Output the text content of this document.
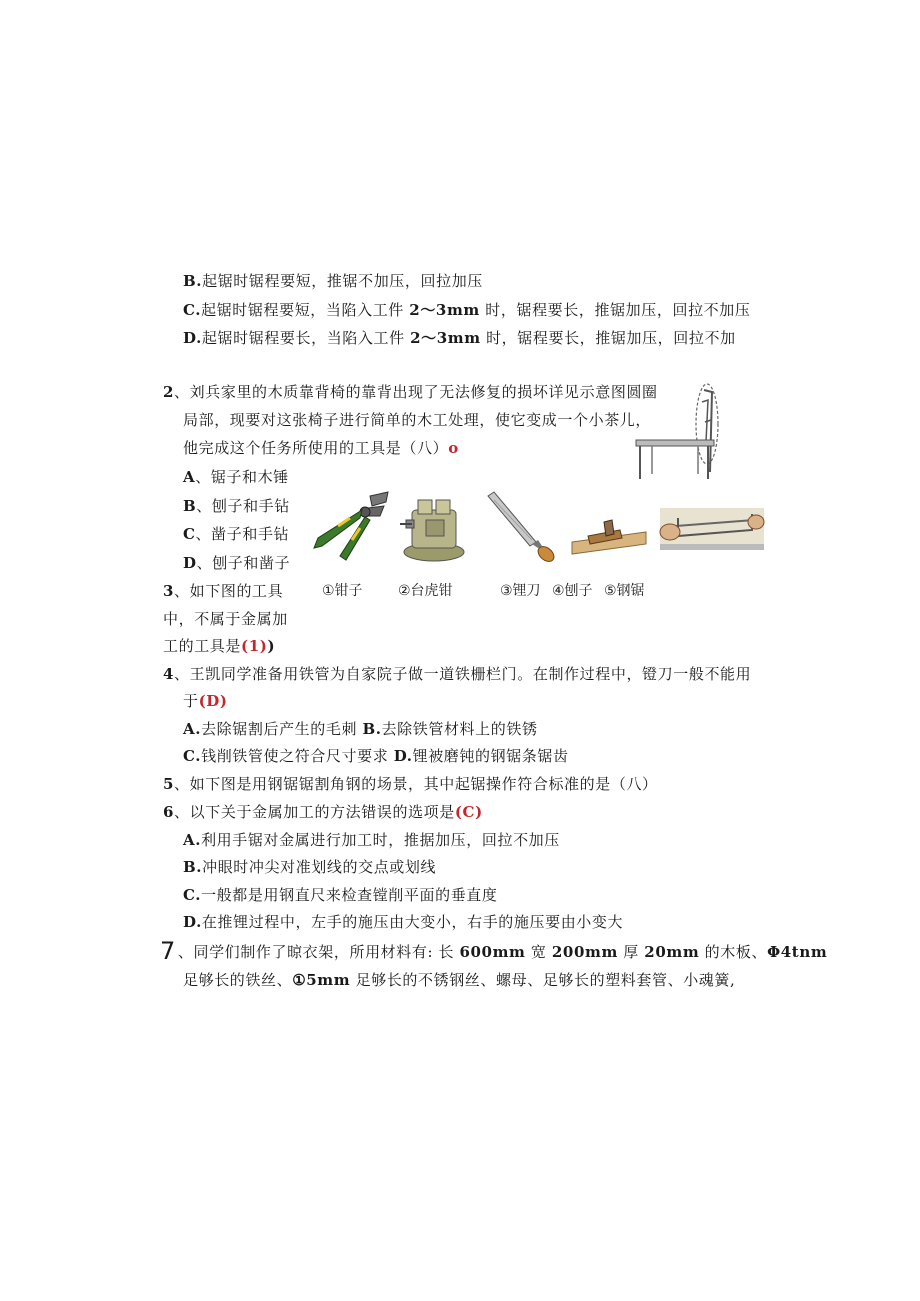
B.起锯时锯程要短，推锯不加压，回拉加压
C.起锯时锯程要短，当陷入工件 2～3mm 时，锯程要长，推锯加压，回拉不加压
D.起锯时锯程要长，当陷入工件 2～3mm 时，锯程要长，推锯加压，回拉不加
2、刘兵家里的木质靠背椅的靠背出现了无法修复的损坏详见示意图圆圈
局部，现要对这张椅子进行简单的木工处理，使它变成一个小茶儿，
他完成这个任务所使用的工具是（八）o
A、锯子和木锤
B、刨子和手钻
C、凿子和手钻
D、刨子和凿子
①钳子	②台虎钳	③锂刀 ④刨子 ⑤钢锯
3、如下图的工具
中，不属于金属加
工的工具是(1))
4、王凯同学准备用铁管为自家院子做一道铁栅栏门。在制作过程中，镫刀一般不能用
于(D)
A.去除锯割后产生的毛刺 B.去除铁管材料上的铁锈
C.钱削铁管使之符合尺寸要求 D.锂被磨钝的钢锯条锯齿
5、如下图是用钢锯锯割角钢的场景，其中起锯操作符合标准的是（八）
6、以下关于金属加工的方法错误的选项是(C)
A.利用手锯对金属进行加工时，推据加压，回拉不加压
B.冲眼时冲尖对准划线的交点或划线
C.一般都是用钢直尺来检查镗削平面的垂直度
D.在推锂过程中，左手的施压由大变小，右手的施压要由小变大
7 、同学们制作了晾衣架，所用材料有: 长 600mm 宽 200mm 厚 20mm 的木板、Φ4tnm
足够长的铁丝、①5mm 足够长的不锈钢丝、螺母、足够长的塑料套管、小魂簧,
